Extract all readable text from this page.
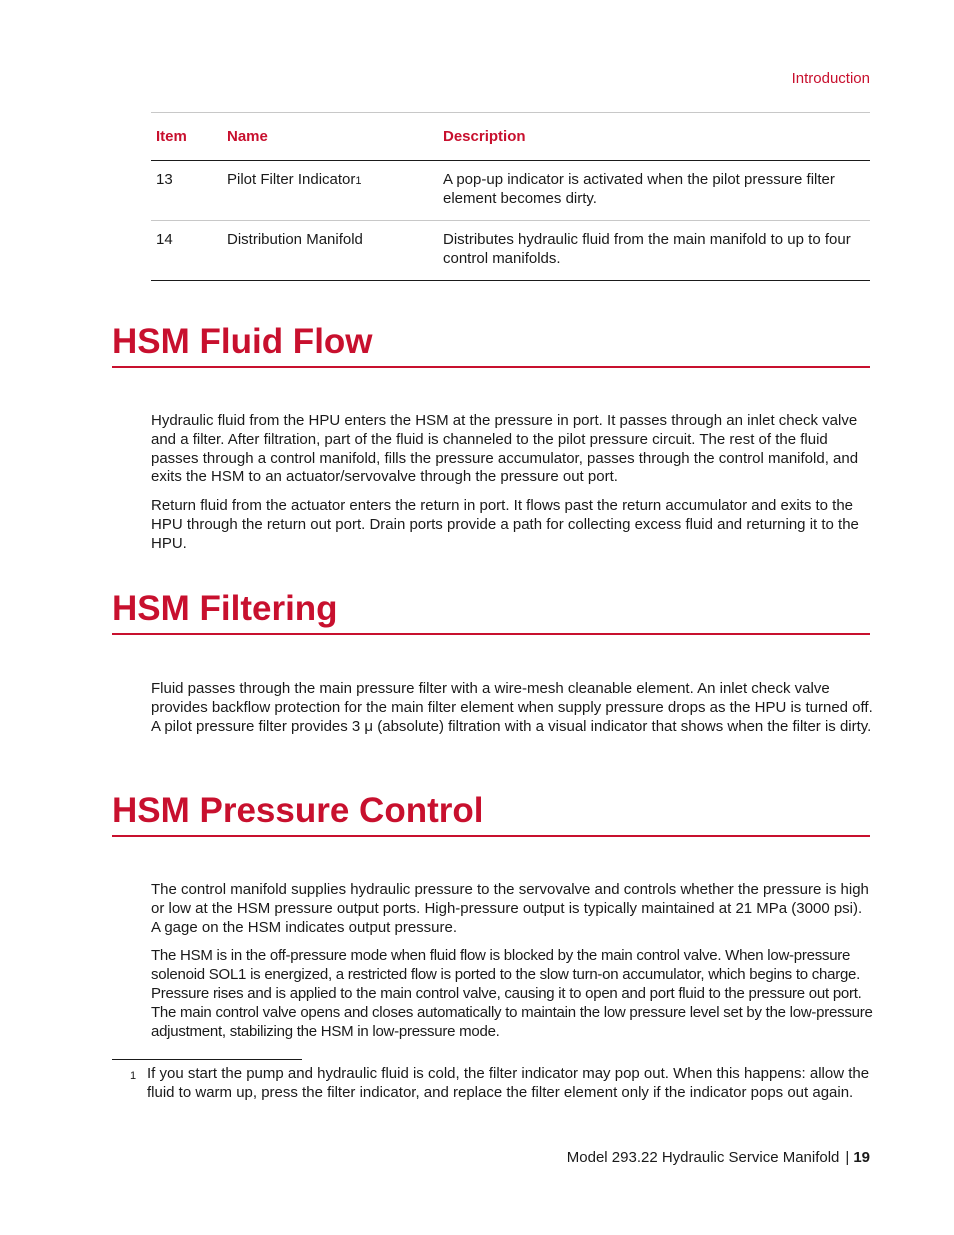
Introduction
Item	Name	Description
13	Pilot Filter Indicator1	A pop-up indicator is activated when the pilot pressure filter element becomes dirty.
14	Distribution Manifold	Distributes hydraulic fluid from the main manifold to up to four control manifolds.
HSM Fluid Flow

Hydraulic fluid from the HPU enters the HSM at the pressure in port. It passes through an inlet check valve and a filter. After filtration, part of the fluid is channeled to the pilot pressure circuit. The rest of the fluid passes through a control manifold, fills the pressure accumulator, passes through the control manifold, and exits the HSM to an actuator/servovalve through the pressure out port.

Return fluid from the actuator enters the return in port. It flows past the return accumulator and exits to the HPU through the return out port. Drain ports provide a path for collecting excess fluid and returning it to the HPU.

HSM Filtering

Fluid passes through the main pressure filter with a wire-mesh cleanable element. An inlet check valve provides backflow protection for the main filter element when supply pressure drops as the HPU is turned off. A pilot pressure filter provides 3 μ (absolute) filtration with a visual indicator that shows when the filter is dirty.

HSM Pressure Control

The control manifold supplies hydraulic pressure to the servovalve and controls whether the pressure is high or low at the HSM pressure output ports. High-pressure output is typically maintained at 21 MPa (3000 psi). A gage on the HSM indicates output pressure.

The HSM is in the off-pressure mode when fluid flow is blocked by the main control valve. When low-pressure solenoid SOL1 is energized, a restricted flow is ported to the slow turn-on accumulator, which begins to charge. Pressure rises and is applied to the main control valve, causing it to open and port fluid to the pressure out port. The main control valve opens and closes automatically to maintain the low pressure level set by the low-pressure adjustment, stabilizing the HSM in low-pressure mode.

1 If you start the pump and hydraulic fluid is cold, the filter indicator may pop out. When this happens: allow the fluid to warm up, press the filter indicator, and replace the filter element only if the indicator pops out again.
Model 293.22 Hydraulic Service Manifold | 19
